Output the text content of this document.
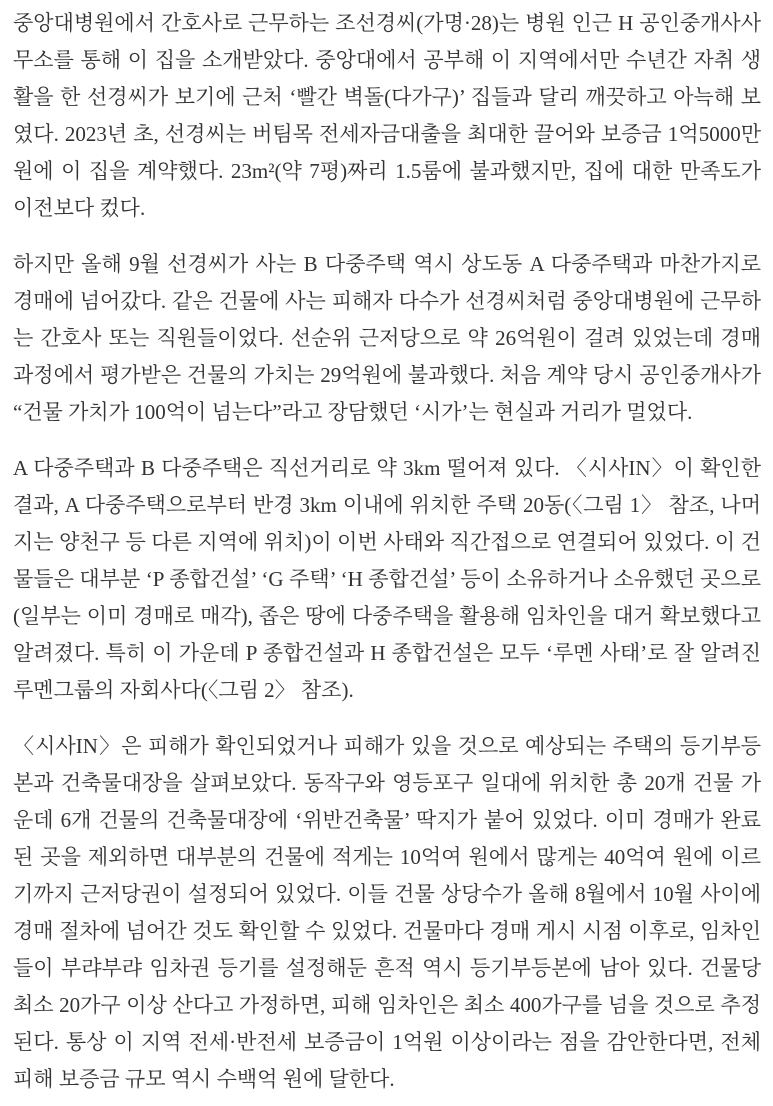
중앙대병원에서 간호사로 근무하는 조선경씨(가명·28)는 병원 인근 H 공인중개사사무소를 통해 이 집을 소개받았다. 중앙대에서 공부해 이 지역에서만 수년간 자취 생활을 한 선경씨가 보기에 근처 ‘빨간 벽돌(다가구)’ 집들과 달리 깨끗하고 아늑해 보였다. 2023년 초, 선경씨는 버팀목 전세자금대출을 최대한 끌어와 보증금 1억5000만원에 이 집을 계약했다. 23m²(약 7평)짜리 1.5룸에 불과했지만, 집에 대한 만족도가 이전보다 컸다.

하지만 올해 9월 선경씨가 사는 B 다중주택 역시 상도동 A 다중주택과 마찬가지로 경매에 넘어갔다. 같은 건물에 사는 피해자 다수가 선경씨처럼 중앙대병원에 근무하는 간호사 또는 직원들이었다. 선순위 근저당으로 약 26억원이 걸려 있었는데 경매 과정에서 평가받은 건물의 가치는 29억원에 불과했다. 처음 계약 당시 공인중개사가 “건물 가치가 100억이 넘는다”라고 장담했던 ‘시가’는 현실과 거리가 멀었다.

A 다중주택과 B 다중주택은 직선거리로 약 3km 떨어져 있다. 〈시사IN〉이 확인한 결과, A 다중주택으로부터 반경 3km 이내에 위치한 주택 20동(〈그림 1〉 참조, 나머지는 양천구 등 다른 지역에 위치)이 이번 사태와 직간접으로 연결되어 있었다. 이 건물들은 대부분 ‘P 종합건설’ ‘G 주택’ ‘H 종합건설’ 등이 소유하거나 소유했던 곳으로(일부는 이미 경매로 매각), 좁은 땅에 다중주택을 활용해 임차인을 대거 확보했다고 알려졌다. 특히 이 가운데 P 종합건설과 H 종합건설은 모두 ‘루멘 사태’로 잘 알려진 루멘그룹의 자회사다(〈그림 2〉 참조).

〈시사IN〉은 피해가 확인되었거나 피해가 있을 것으로 예상되는 주택의 등기부등본과 건축물대장을 살펴보았다. 동작구와 영등포구 일대에 위치한 총 20개 건물 가운데 6개 건물의 건축물대장에 ‘위반건축물’ 딱지가 붙어 있었다. 이미 경매가 완료된 곳을 제외하면 대부분의 건물에 적게는 10억여 원에서 많게는 40억여 원에 이르기까지 근저당권이 설정되어 있었다. 이들 건물 상당수가 올해 8월에서 10월 사이에 경매 절차에 넘어간 것도 확인할 수 있었다. 건물마다 경매 게시 시점 이후로, 임차인들이 부랴부랴 임차권 등기를 설정해둔 흔적 역시 등기부등본에 남아 있다. 건물당 최소 20가구 이상 산다고 가정하면, 피해 임차인은 최소 400가구를 넘을 것으로 추정된다. 통상 이 지역 전세·반전세 보증금이 1억원 이상이라는 점을 감안한다면, 전체 피해 보증금 규모 역시 수백억 원에 달한다.
